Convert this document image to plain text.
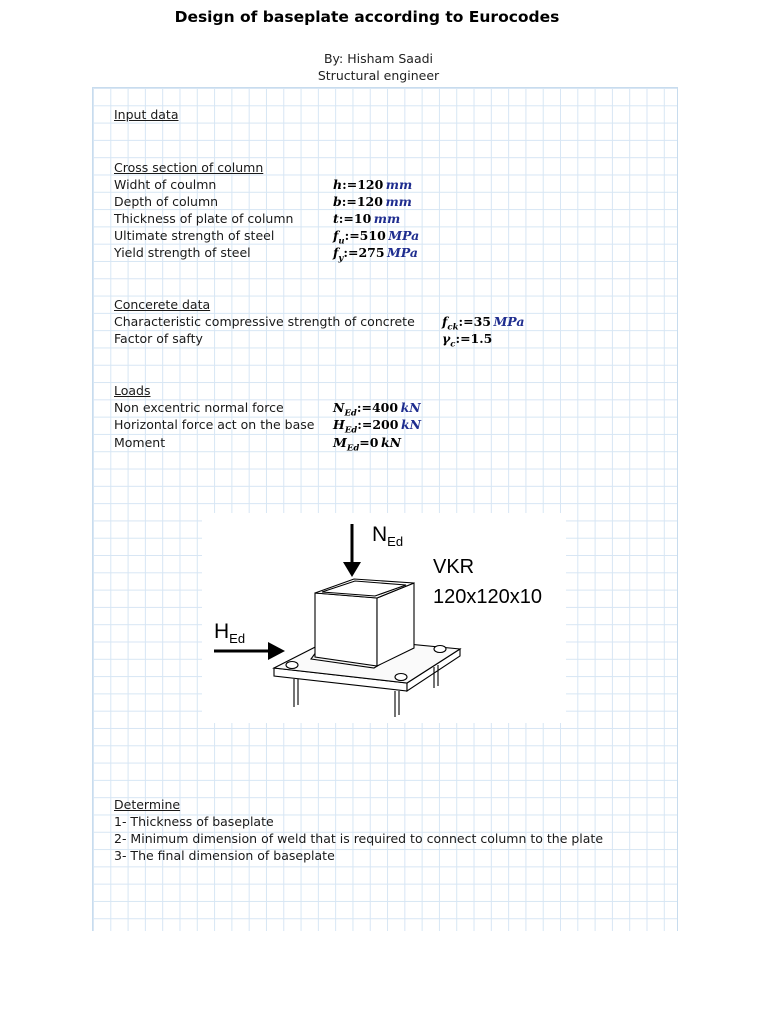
Design of baseplate according to Eurocodes
By: Hisham Saadi
Structural engineer
Input data
Cross section of column
Widht of coulmn	h:=120  mm
Depth of column	b:=120  mm
Thickness of plate of column	t:=10  mm
Ultimate strength of steel	$f_u:=510$  MPa
Yield strength of steel	$f_y:=275$  MPa
Concerete data
Characteristic compressive strength of concrete $f_{ck}:=35$  MPa
Factor of safty	$\gamma_c:=1.5$
Loads
Non excentric normal force	$N_{Ed}:=400$  kN
Horizontal force act on the base $H_{Ed}:=200$  kN
Moment	$M_{Ed}=0$  kN
Determine
1- Thickness of baseplate
2- Minimum dimension of weld that is required to connect column to the plate
3- The final dimension of baseplate
$N_{Ed}$
$H_{Ed}$
VKR
120x120x10
